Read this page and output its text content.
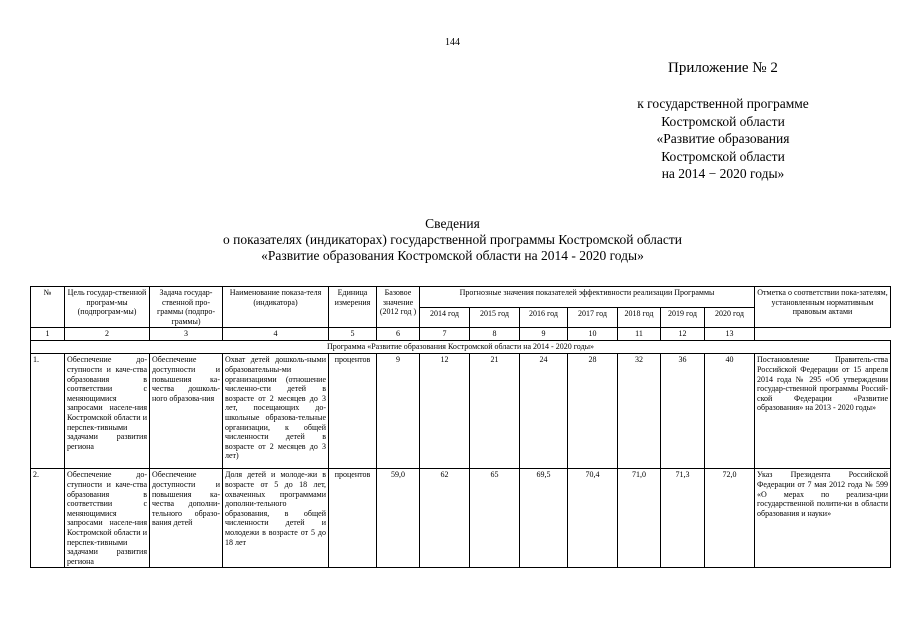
144
Приложение № 2
к государственной программе
Костромской области
«Развитие образования
Костромской области
на 2014 − 2020 годы»
Сведения
о показателях (индикаторах) государственной программы Костромской области
«Развитие образования Костромской области на 2014 - 2020 годы»
№	Цель государ-ственной програм-мы (подпрограм-мы)	Задача государ-ственной про-граммы (подпро-граммы)	Наименование показа-теля (индикатора)	Единица измерения	Базовое значение (2012 год )	Прогнозные значения показателей эффективности реализации Программы							Отметка о соответствии пока-зателям, установленным нормативным правовым актами
						2014 год	2015 год	2016 год	2017 год	2018 год	2019 год	2020 год	
1	2	3	4	5	6	7	8	9	10	11	12	13
Программа «Развитие образования Костромской области на 2014 - 2020 годы»													
1.	Обеспечение до-ступности и каче-ства образования в соответствии с меняющимися запросами населе-ния Костромской области и перспек-тивными задачами развития региона	Обеспечение доступности и повышения ка-чества дошколь-ного образова-ния	Охват детей дошколь-ными образовательны-ми организациями (отношение численно-сти детей в возрасте от 2 месяцев до 3 лет, посещающих до-школьные образова-тельные организации, к общей численности детей в возрасте от 2 месяцев до 3 лет)	процентов	9	12	21	24	28	32	36	40	Постановление Правитель-ства Российской Федерации от 15 апреля 2014 года № 295 «Об утверждении государ-ственной программы Россий-ской Федерации «Развитие образования» на 2013 - 2020 годы»
2.	Обеспечение до-ступности и каче-ства образования в соответствии с меняющимися запросами населе-ния Костромской области и перспек-тивными задачами развития региона	Обеспечение доступности и повышения ка-чества дополни-тельного образо-вания детей	Доля детей и молоде-жи в возрасте от 5 до 18 лет, охваченных программами дополни-тельного образования, в общей численности детей и молодежи в возрасте от 5 до 18 лет	процентов	59,0	62	65	69,5	70,4	71,0	71,3	72,0	Указ Президента Российской Федерации от 7 мая 2012 года № 599 «О мерах по реализа-ции государственной полити-ки в области образования и науки»
